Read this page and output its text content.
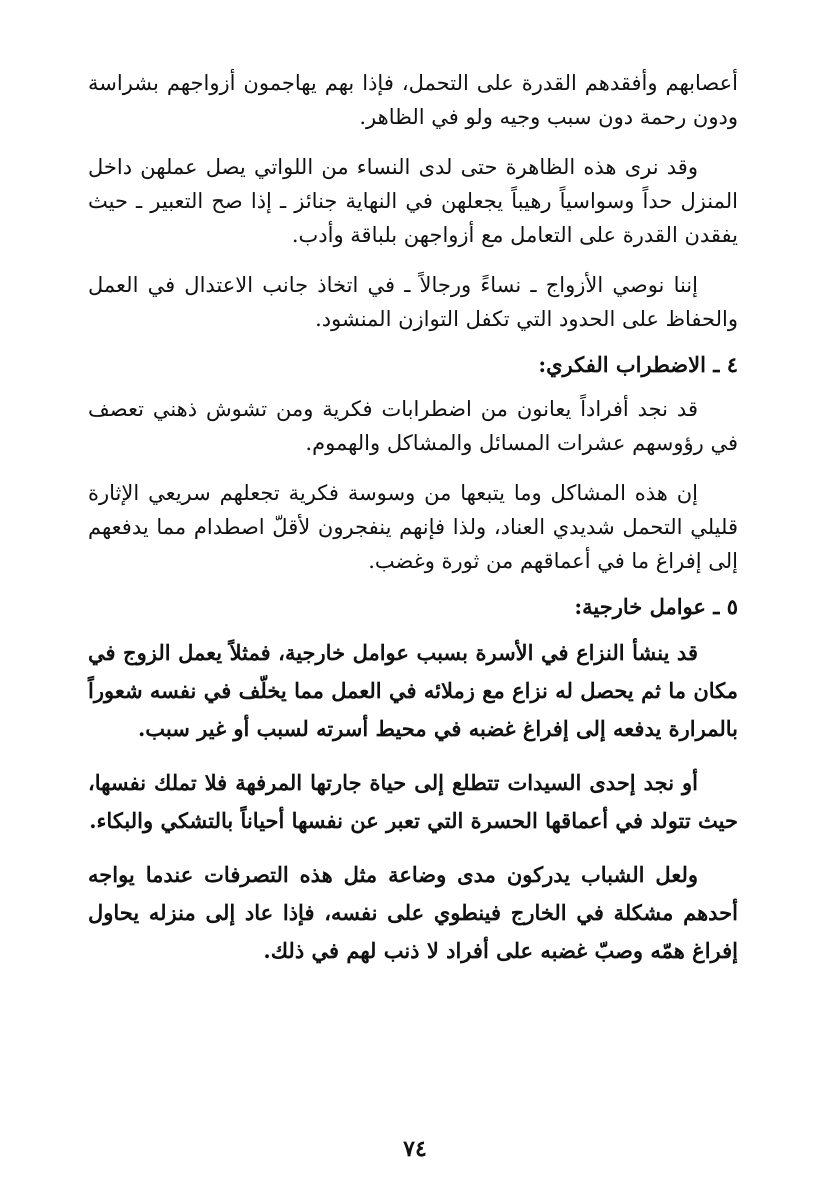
أعصابهم وأفقدهم القدرة على التحمل، فإذا بهم يهاجمون أزواجهم بشراسة ودون رحمة دون سبب وجيه ولو في الظاهر.

وقد نرى هذه الظاهرة حتى لدى النساء من اللواتي يصل عملهن داخل المنزل حداً وسواسياً رهيباً يجعلهن في النهاية جنائز ـ إذا صح التعبير ـ حيث يفقدن القدرة على التعامل مع أزواجهن بلباقة وأدب.

إننا نوصي الأزواج ـ نساءً ورجالاً ـ في اتخاذ جانب الاعتدال في العمل والحفاظ على الحدود التي تكفل التوازن المنشود.

٤ ـ الاضطراب الفكري:

قد نجد أفراداً يعانون من اضطرابات فكرية ومن تشوش ذهني تعصف في رؤوسهم عشرات المسائل والمشاكل والهموم.

إن هذه المشاكل وما يتبعها من وسوسة فكرية تجعلهم سريعي الإثارة قليلي التحمل شديدي العناد، ولذا فإنهم ينفجرون لأقلّ اصطدام مما يدفعهم إلى إفراغ ما في أعماقهم من ثورة وغضب.

٥ ـ عوامل خارجية:

قد ينشأ النزاع في الأسرة بسبب عوامل خارجية، فمثلاً يعمل الزوج في مكان ما ثم يحصل له نزاع مع زملائه في العمل مما يخلّف في نفسه شعوراً بالمرارة يدفعه إلى إفراغ غضبه في محيط أسرته لسبب أو غير سبب.

أو نجد إحدى السيدات تتطلع إلى حياة جارتها المرفهة فلا تملك نفسها، حيث تتولد في أعماقها الحسرة التي تعبر عن نفسها أحياناً بالتشكي والبكاء.

ولعل الشباب يدركون مدى وضاعة مثل هذه التصرفات عندما يواجه أحدهم مشكلة في الخارج فينطوي على نفسه، فإذا عاد إلى منزله يحاول إفراغ همّه وصبّ غضبه على أفراد لا ذنب لهم في ذلك.

٧٤
